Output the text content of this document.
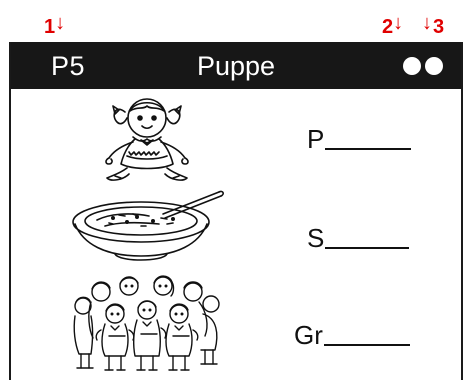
1 ↓	2 ↓ ↓ 3
P5	Puppe
P
S
Gr
